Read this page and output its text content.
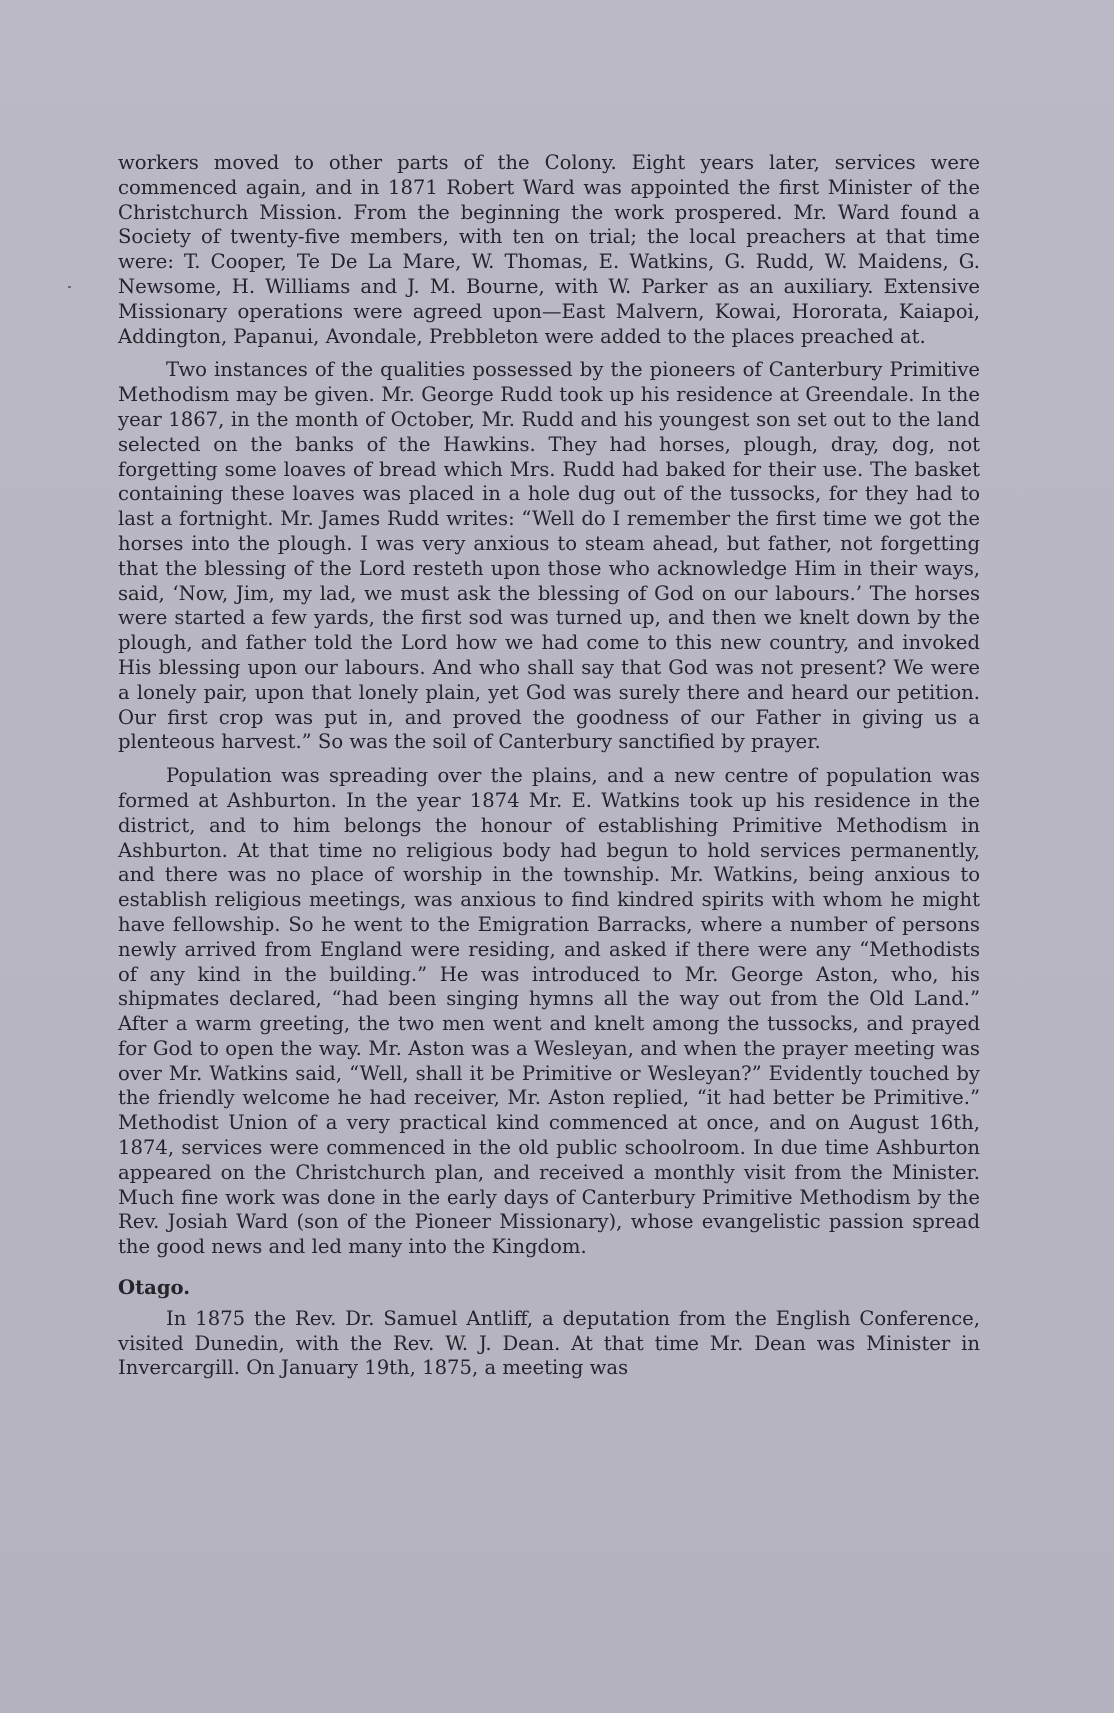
workers moved to other parts of the Colony. Eight years later, services were commenced again, and in 1871 Robert Ward was appointed the first Minister of the Christchurch Mission. From the beginning the work prospered. Mr. Ward found a Society of twenty-five members, with ten on trial; the local preachers at that time were: T. Cooper, Te De La Mare, W. Thomas, E. Watkins, G. Rudd, W. Maidens, G. Newsome, H. Williams and J. M. Bourne, with W. Parker as an auxiliary. Extensive Missionary operations were agreed upon—East Malvern, Kowai, Hororata, Kaiapoi, Addington, Papanui, Avondale, Prebbleton were added to the places preached at.

Two instances of the qualities possessed by the pioneers of Canterbury Primitive Methodism may be given. Mr. George Rudd took up his residence at Greendale. In the year 1867, in the month of October, Mr. Rudd and his youngest son set out to the land selected on the banks of the Hawkins. They had horses, plough, dray, dog, not forgetting some loaves of bread which Mrs. Rudd had baked for their use. The basket containing these loaves was placed in a hole dug out of the tussocks, for they had to last a fortnight. Mr. James Rudd writes: “Well do I remember the first time we got the horses into the plough. I was very anxious to steam ahead, but father, not forgetting that the blessing of the Lord resteth upon those who acknowledge Him in their ways, said, ‘Now, Jim, my lad, we must ask the blessing of God on our labours.’ The horses were started a few yards, the first sod was turned up, and then we knelt down by the plough, and father told the Lord how we had come to this new country, and invoked His blessing upon our labours. And who shall say that God was not present? We were a lonely pair, upon that lonely plain, yet God was surely there and heard our petition. Our first crop was put in, and proved the goodness of our Father in giving us a plenteous harvest.” So was the soil of Canterbury sanctified by prayer.

Population was spreading over the plains, and a new centre of population was formed at Ashburton. In the year 1874 Mr. E. Watkins took up his residence in the district, and to him belongs the honour of establishing Primitive Methodism in Ashburton. At that time no religious body had begun to hold services permanently, and there was no place of worship in the township. Mr. Watkins, being anxious to establish religious meetings, was anxious to find kindred spirits with whom he might have fellowship. So he went to the Emigration Barracks, where a number of persons newly arrived from England were residing, and asked if there were any “Methodists of any kind in the building.” He was introduced to Mr. George Aston, who, his shipmates declared, “had been singing hymns all the way out from the Old Land.” After a warm greeting, the two men went and knelt among the tussocks, and prayed for God to open the way. Mr. Aston was a Wesleyan, and when the prayer meeting was over Mr. Watkins said, “Well, shall it be Primitive or Wesleyan?” Evidently touched by the friendly welcome he had receiver, Mr. Aston replied, “it had better be Primitive.” Methodist Union of a very practical kind commenced at once, and on August 16th, 1874, services were commenced in the old public schoolroom. In due time Ashburton appeared on the Christchurch plan, and received a monthly visit from the Minister. Much fine work was done in the early days of Canterbury Primitive Methodism by the Rev. Josiah Ward (son of the Pioneer Missionary), whose evangelistic passion spread the good news and led many into the Kingdom.

Otago.

In 1875 the Rev. Dr. Samuel Antliff, a deputation from the English Conference, visited Dunedin, with the Rev. W. J. Dean. At that time Mr. Dean was Minister in Invercargill. On January 19th, 1875, a meeting was
